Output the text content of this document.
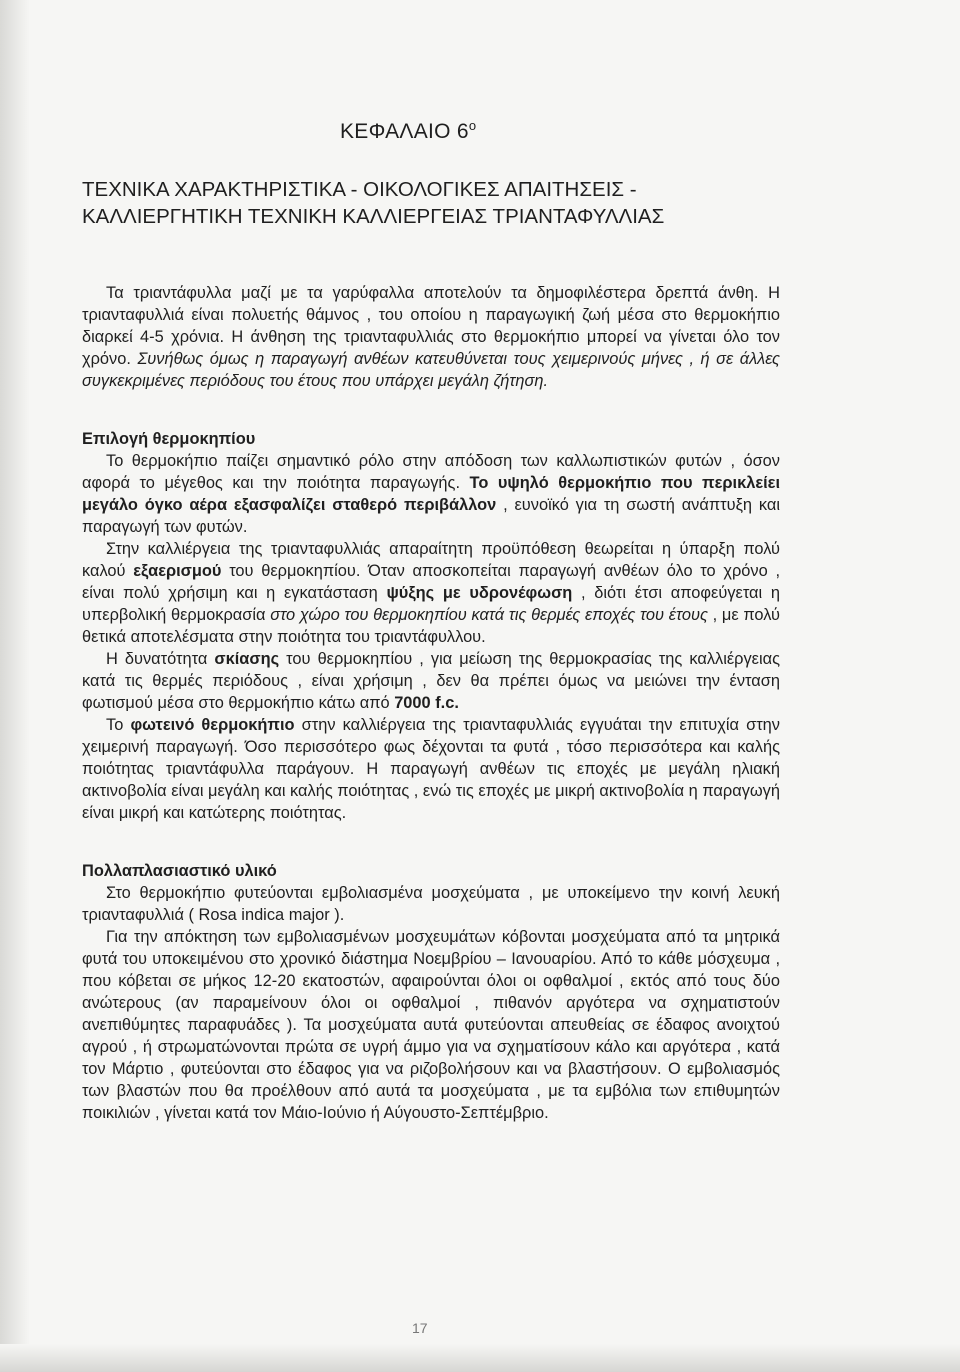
ΚΕΦΑΛΑΙΟ $6^o$
ΤΕΧΝΙΚΑ ΧΑΡΑΚΤΗΡΙΣΤΙΚΑ - ΟΙΚΟΛΟΓΙΚΕΣ ΑΠΑΙΤΗΣΕΙΣ -
ΚΑΛΛΙΕΡΓΗΤΙΚΗ ΤΕΧΝΙΚΗ ΚΑΛΛΙΕΡΓΕΙΑΣ ΤΡΙΑΝΤΑΦΥΛΛΙΑΣ

Τα τριαντάφυλλα μαζί με τα γαρύφαλλα αποτελούν τα δημοφιλέστερα δρεπτά άνθη. Η τριανταφυλλιά είναι πολυετής θάμνος , του οποίου η παραγωγική ζωή μέσα στο θερμοκήπιο διαρκεί 4-5 χρόνια. Η άνθηση της τριανταφυλλιάς στο θερμοκήπιο μπορεί να γίνεται όλο τον χρόνο. Συνήθως όμως η παραγωγή ανθέων κατευθύνεται τους χειμερινούς μήνες , ή σε άλλες συγκεκριμένες περιόδους του έτους που υπάρχει μεγάλη ζήτηση.

Επιλογή θερμοκηπίου

Το θερμοκήπιο παίζει σημαντικό ρόλο στην απόδοση των καλλωπιστικών φυτών , όσον αφορά το μέγεθος και την ποιότητα παραγωγής. Το υψηλό θερμοκήπιο που περικλείει μεγάλο όγκο αέρα εξασφαλίζει σταθερό περιβάλλον , ευνοϊκό για τη σωστή ανάπτυξη και παραγωγή των φυτών.

Στην καλλιέργεια της τριανταφυλλιάς απαραίτητη προϋπόθεση θεωρείται η ύπαρξη πολύ καλού εξαερισμού του θερμοκηπίου. Όταν αποσκοπείται παραγωγή ανθέων όλο το χρόνο , είναι πολύ χρήσιμη και η εγκατάσταση ψύξης με υδρονέφωση , διότι έτσι αποφεύγεται η υπερβολική θερμοκρασία στο χώρο του θερμοκηπίου κατά τις θερμές εποχές του έτους , με πολύ θετικά αποτελέσματα στην ποιότητα του τριαντάφυλλου.

Η δυνατότητα σκίασης του θερμοκηπίου , για μείωση της θερμοκρασίας της καλλιέργειας κατά τις θερμές περιόδους , είναι χρήσιμη , δεν θα πρέπει όμως να μειώνει την ένταση φωτισμού μέσα στο θερμοκήπιο κάτω από 7000 f.c.

Το φωτεινό θερμοκήπιο στην καλλιέργεια της τριανταφυλλιάς εγγυάται την επιτυχία στην χειμερινή παραγωγή. Όσο περισσότερο φως δέχονται τα φυτά , τόσο περισσότερα και καλής ποιότητας τριαντάφυλλα παράγουν. Η παραγωγή ανθέων τις εποχές με μεγάλη ηλιακή ακτινοβολία είναι μεγάλη και καλής ποιότητας , ενώ τις εποχές με μικρή ακτινοβολία η παραγωγή είναι μικρή και κατώτερης ποιότητας.

Πολλαπλασιαστικό υλικό

Στο θερμοκήπιο φυτεύονται εμβολιασμένα μοσχεύματα , με υποκείμενο την κοινή λευκή τριανταφυλλιά ( Rosa indica major ).

Για την απόκτηση των εμβολιασμένων μοσχευμάτων κόβονται μοσχεύματα από τα μητρικά φυτά του υποκειμένου στο χρονικό διάστημα Νοεμβρίου – Ιανουαρίου. Από το κάθε μόσχευμα , που κόβεται σε μήκος 12-20 εκατοστών, αφαιρούνται όλοι οι οφθαλμοί , εκτός από τους δύο ανώτερους (αν παραμείνουν όλοι οι οφθαλμοί , πιθανόν αργότερα να σχηματιστούν ανεπιθύμητες παραφυάδες ). Τα μοσχεύματα αυτά φυτεύονται απευθείας σε έδαφος ανοιχτού αγρού , ή στρωματώνονται πρώτα σε υγρή άμμο για να σχηματίσουν κάλο και αργότερα , κατά τον Μάρτιο , φυτεύονται στο έδαφος για να ριζοβολήσουν και να βλαστήσουν. Ο εμβολιασμός των βλαστών που θα προέλθουν από αυτά τα μοσχεύματα , με τα εμβόλια των επιθυμητών ποικιλιών , γίνεται κατά τον Μάιο-Ιούνιο ή Αύγουστο-Σεπτέμβριο.

17
